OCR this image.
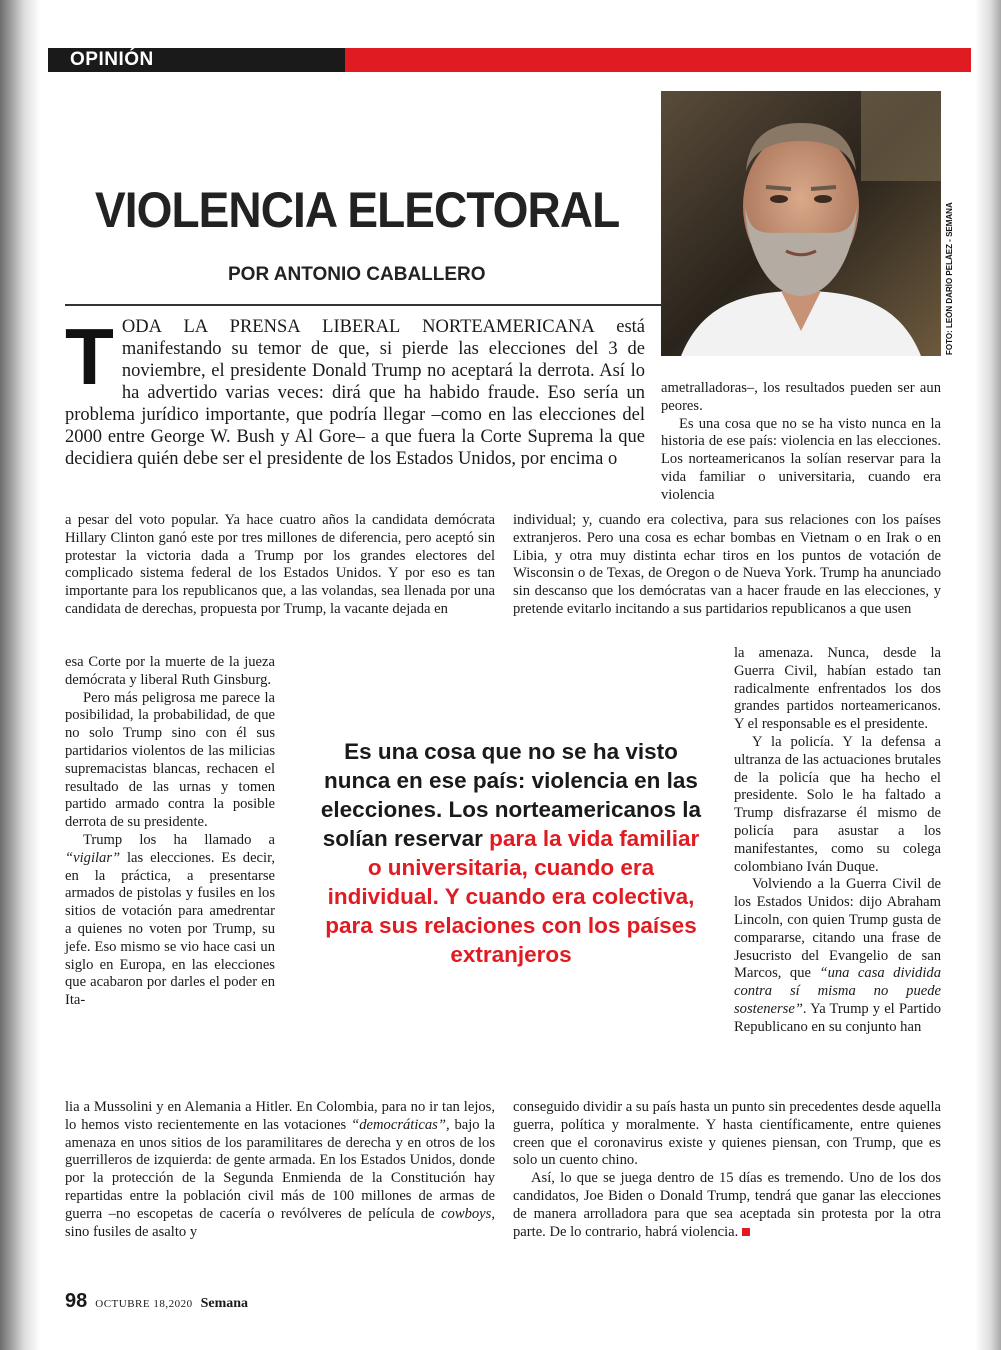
OPINIÓN
VIOLENCIA ELECTORAL
POR ANTONIO CABALLERO	FOTO: LEÓN DARÍO PELÁEZ - SEMANA
TODA LA PRENSA LIBERAL NORTEAMERICANA está manifestando su temor de que, si pierde las elecciones del 3 de noviembre, el presidente Donald Trump no aceptará la derrota. Así lo ha advertido varias veces: dirá que ha habido fraude. Eso sería un problema jurídico importante, que podría llegar –como en las elecciones del 2000 entre George W. Bush y Al Gore– a que fuera la Corte Suprema la que decidiera quién debe ser el presidente de los Estados Unidos, por encima o

a pesar del voto popular. Ya hace cuatro años la candidata demócrata Hillary Clinton ganó este por tres millones de diferencia, pero aceptó sin protestar la victoria dada a Trump por los grandes electores del complicado sistema federal de los Estados Unidos. Y por eso es tan importante para los republicanos que, a las volandas, sea llenada por una candidata de derechas, propuesta por Trump, la vacante dejada en

esa Corte por la muerte de la jueza demócrata y liberal Ruth Ginsburg.

Pero más peligrosa me parece la posibilidad, la probabilidad, de que no solo Trump sino con él sus partidarios violentos de las milicias supremacistas blancas, rechacen el resultado de las urnas y tomen partido armado contra la posible derrota de su presidente.

Trump los ha llamado a “vigilar” las elecciones. Es decir, en la práctica, a presentarse armados de pistolas y fusiles en los sitios de votación para amedrentar a quienes no voten por Trump, su jefe. Eso mismo se vio hace casi un siglo en Europa, en las elecciones que acabaron por darles el poder en Ita-

lia a Mussolini y en Alemania a Hitler. En Colombia, para no ir tan lejos, lo hemos visto recientemente en las votaciones “democráticas”, bajo la amenaza en unos sitios de los paramilitares de derecha y en otros de los guerrilleros de izquierda: de gente armada. En los Estados Unidos, donde por la protección de la Segunda Enmienda de la Constitución hay repartidas entre la población civil más de 100 millones de armas de guerra –no escopetas de cacería o revólveres de película de cowboys, sino fusiles de asalto y

ametralladoras–, los resultados pueden ser aun peores.

Es una cosa que no se ha visto nunca en la historia de ese país: violencia en las elecciones. Los norteamericanos la solían reservar para la vida familiar o universitaria, cuando era violencia

individual; y, cuando era colectiva, para sus relaciones con los países extranjeros. Pero una cosa es echar bombas en Vietnam o en Irak o en Libia, y otra muy distinta echar tiros en los puntos de votación de Wisconsin o de Texas, de Oregon o de Nueva York. Trump ha anunciado sin descanso que los demócratas van a hacer fraude en las elecciones, y pretende evitarlo incitando a sus partidarios republicanos a que usen

la amenaza. Nunca, desde la Guerra Civil, habían estado tan radicalmente enfrentados los dos grandes partidos norteamericanos. Y el responsable es el presidente.

Y la policía. Y la defensa a ultranza de las actuaciones brutales de la policía que ha hecho el presidente. Solo le ha faltado a Trump disfrazarse él mismo de policía para asustar a los manifestantes, como su colega colombiano Iván Duque.

Volviendo a la Guerra Civil de los Estados Unidos: dijo Abraham Lincoln, con quien Trump gusta de compararse, citando una frase de Jesucristo del Evangelio de san Marcos, que “una casa dividida contra sí misma no puede sostenerse”. Ya Trump y el Partido Republicano en su conjunto han

conseguido dividir a su país hasta un punto sin precedentes desde aquella guerra, política y moralmente. Y hasta científicamente, entre quienes creen que el coronavirus existe y quienes piensan, con Trump, que es solo un cuento chino.

Así, lo que se juega dentro de 15 días es tremendo. Uno de los dos candidatos, Joe Biden o Donald Trump, tendrá que ganar las elecciones de manera arrolladora para que sea aceptada sin protesta por la otra parte. De lo contrario, habrá violencia.

Es una cosa que no se ha visto nunca en ese país: violencia en las elecciones. Los norteamericanos la solían reservar para la vida familiar o universitaria, cuando era individual. Y cuando era colectiva, para sus relaciones con los países extranjeros
98 OCTUBRE 18,2020 Semana
